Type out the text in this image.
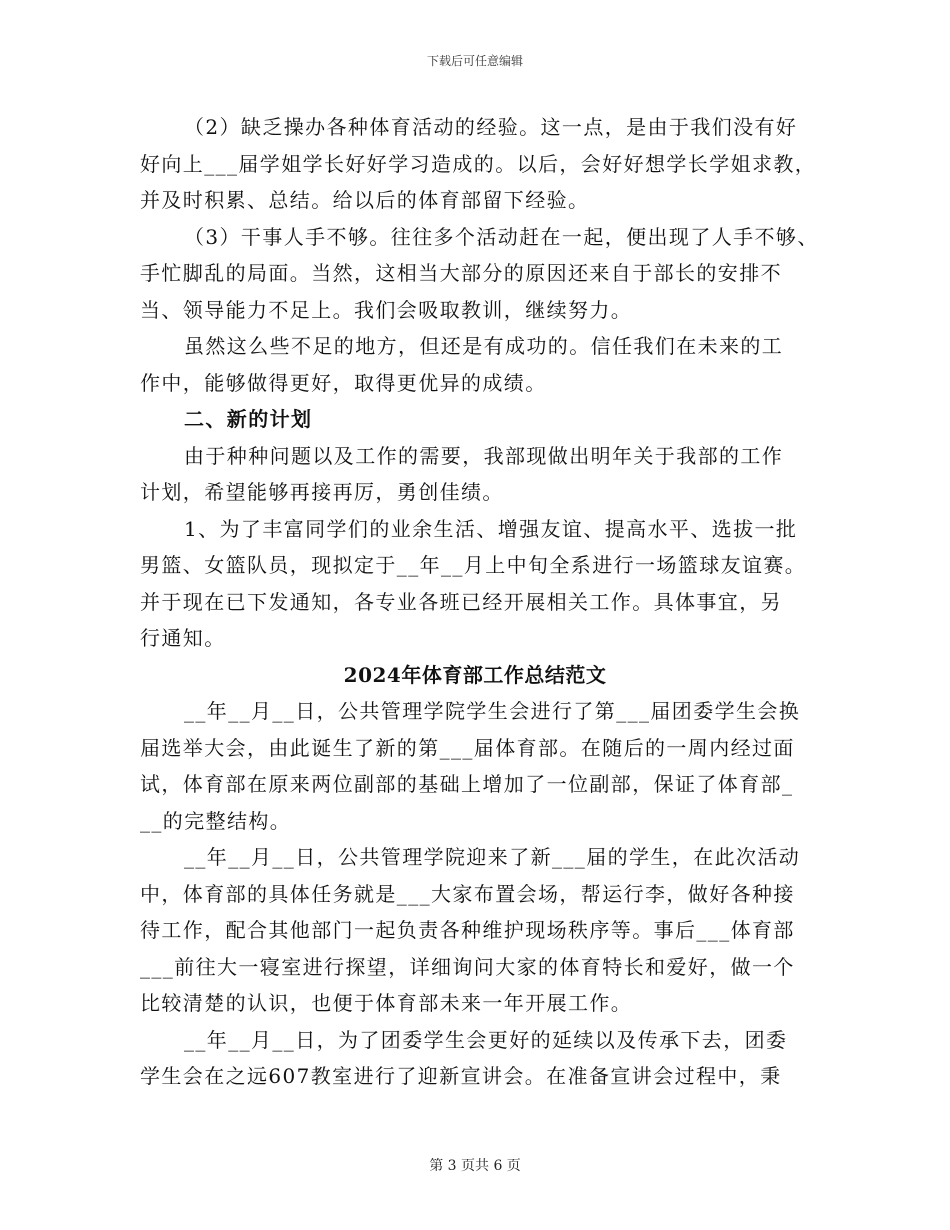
下载后可任意编辑
（2）缺乏操办各种体育活动的经验。这一点，是由于我们没有好
好向上___届学姐学长好好学习造成的。以后，会好好想学长学姐求教，
并及时积累、总结。给以后的体育部留下经验。
（3）干事人手不够。往往多个活动赶在一起，便出现了人手不够、
手忙脚乱的局面。当然，这相当大部分的原因还来自于部长的安排不
当、领导能力不足上。我们会吸取教训，继续努力。
虽然这么些不足的地方，但还是有成功的。信任我们在未来的工
作中，能够做得更好，取得更优异的成绩。
二、新的计划
由于种种问题以及工作的需要，我部现做出明年关于我部的工作
计划，希望能够再接再厉，勇创佳绩。
1、为了丰富同学们的业余生活、增强友谊、提高水平、选拔一批
男篮、女篮队员，现拟定于__年__月上中旬全系进行一场篮球友谊赛。
并于现在已下发通知，各专业各班已经开展相关工作。具体事宜，另
行通知。
2024年体育部工作总结范文
__年__月__日，公共管理学院学生会进行了第___届团委学生会换
届选举大会，由此诞生了新的第___届体育部。在随后的一周内经过面
试，体育部在原来两位副部的基础上增加了一位副部，保证了体育部_
__的完整结构。
__年__月__日，公共管理学院迎来了新___届的学生，在此次活动
中，体育部的具体任务就是___大家布置会场，帮运行李，做好各种接
待工作，配合其他部门一起负责各种维护现场秩序等。事后___体育部
___前往大一寝室进行探望，详细询问大家的体育特长和爱好，做一个
比较清楚的认识，也便于体育部未来一年开展工作。
__年__月__日，为了团委学生会更好的延续以及传承下去，团委
学生会在之远607教室进行了迎新宣讲会。在准备宣讲会过程中，秉
第 3 页共 6 页
